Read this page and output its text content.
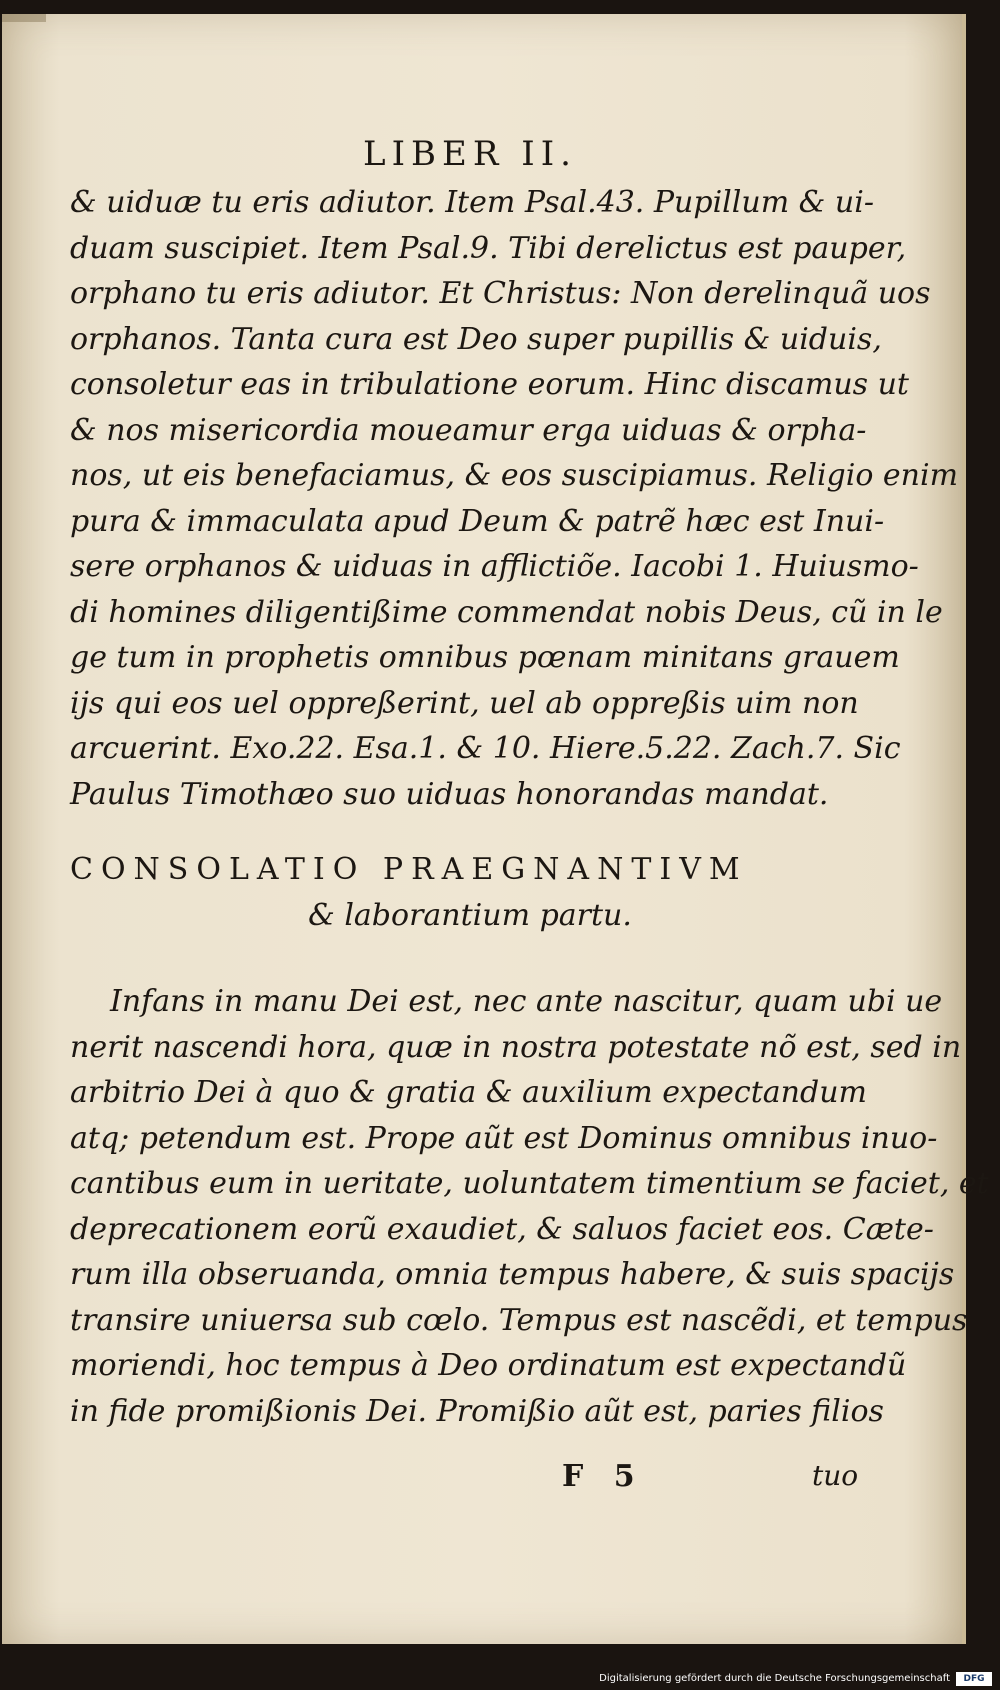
LIBER II.
& uiduæ tu eris adiutor. Item Psal.43. Pupillum & ui-
duam suscipiet. Item Psal.9. Tibi derelictus est pauper,
orphano tu eris adiutor. Et Christus: Non derelinquã uos
orphanos. Tanta cura est Deo super pupillis & uiduis,
consoletur eas in tribulatione eorum. Hinc discamus ut
& nos misericordia moueamur erga uiduas & orpha-
nos, ut eis benefaciamus, & eos suscipiamus. Religio enim
pura & immaculata apud Deum & patrẽ hæc est Inui-
sere orphanos & uiduas in afflictiõe. Iacobi 1. Huiusmo-
di homines diligentißime commendat nobis Deus, cũ in le
ge tum in prophetis omnibus pœnam minitans grauem
ijs qui eos uel oppreßerint, uel ab oppreßis uim non
arcuerint. Exo.22. Esa.1. & 10. Hiere.5.22. Zach.7. Sic
Paulus Timothæo suo uiduas honorandas mandat.
CONSOLATIO PRAEGNANTIVM
& laborantium partu.
Infans in manu Dei est, nec ante nascitur, quam ubi ue
nerit nascendi hora, quæ in nostra potestate nõ est, sed in
arbitrio Dei à quo & gratia & auxilium expectandum
atq; petendum est. Prope aũt est Dominus omnibus inuo-
cantibus eum in ueritate, uoluntatem timentium se faciet, et
deprecationem eorũ exaudiet, & saluos faciet eos. Cæte-
rum illa obseruanda, omnia tempus habere, & suis spacijs
transire uniuersa sub cœlo. Tempus est nascẽdi, et tempus
moriendi, hoc tempus à Deo ordinatum est expectandũ
in fide promißionis Dei. Promißio aũt est, paries filios
F 5	tuo
Digitalisierung gefördert durch die Deutsche Forschungsgemeinschaft	DFG
